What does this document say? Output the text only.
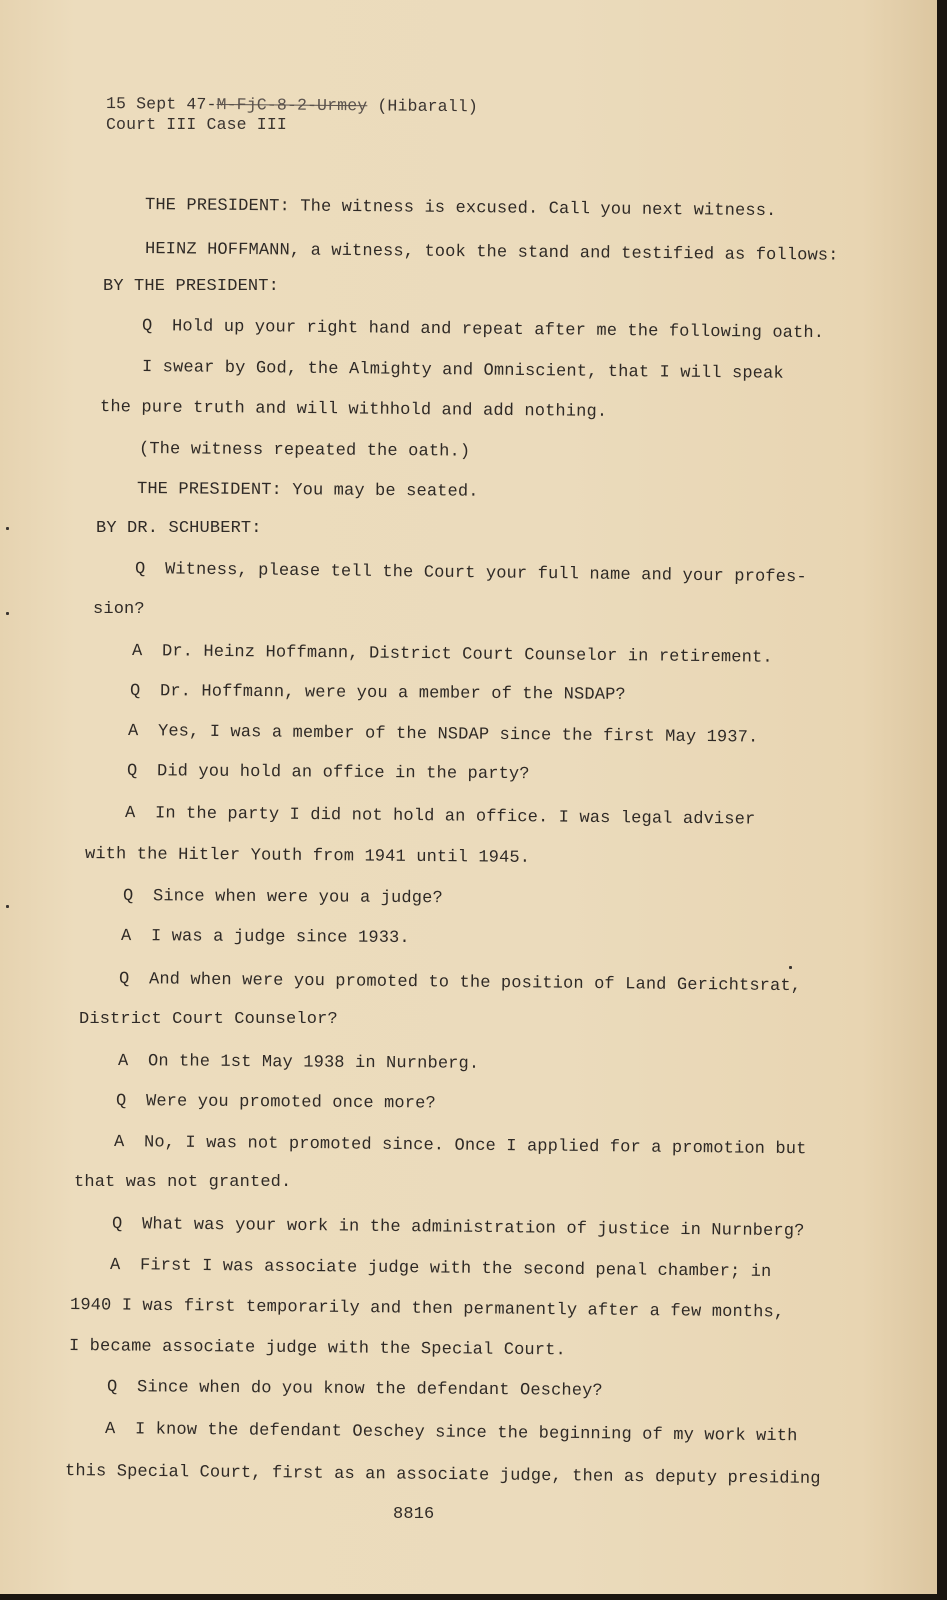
15 Sept 47-M-FjC-8-2-Urmey (Hibarall)
Court III Case III
THE PRESIDENT: The witness is excused. Call you next witness.
HEINZ HOFFMANN, a witness, took the stand and testified as follows:
BY THE PRESIDENT:
Q Hold up your right hand and repeat after me the following oath.
I swear by God, the Almighty and Omniscient, that I will speak
the pure truth and will withhold and add nothing.
(The witness repeated the oath.)
THE PRESIDENT: You may be seated.
BY DR. SCHUBERT:
Q Witness, please tell the Court your full name and your profes-
sion?
A Dr. Heinz Hoffmann, District Court Counselor in retirement.
Q Dr. Hoffmann, were you a member of the NSDAP?
A Yes, I was a member of the NSDAP since the first May 1937.
Q Did you hold an office in the party?
A In the party I did not hold an office. I was legal adviser
with the Hitler Youth from 1941 until 1945.
Q Since when were you a judge?
A I was a judge since 1933.
Q And when were you promoted to the position of Land Gerichtsrat,
District Court Counselor?
A On the 1st May 1938 in Nurnberg.
Q Were you promoted once more?
A No, I was not promoted since. Once I applied for a promotion but
that was not granted.
Q What was your work in the administration of justice in Nurnberg?
A First I was associate judge with the second penal chamber; in
1940 I was first temporarily and then permanently after a few months,
I became associate judge with the Special Court.
Q Since when do you know the defendant Oeschey?
A I know the defendant Oeschey since the beginning of my work with
this Special Court, first as an associate judge, then as deputy presiding
8816
